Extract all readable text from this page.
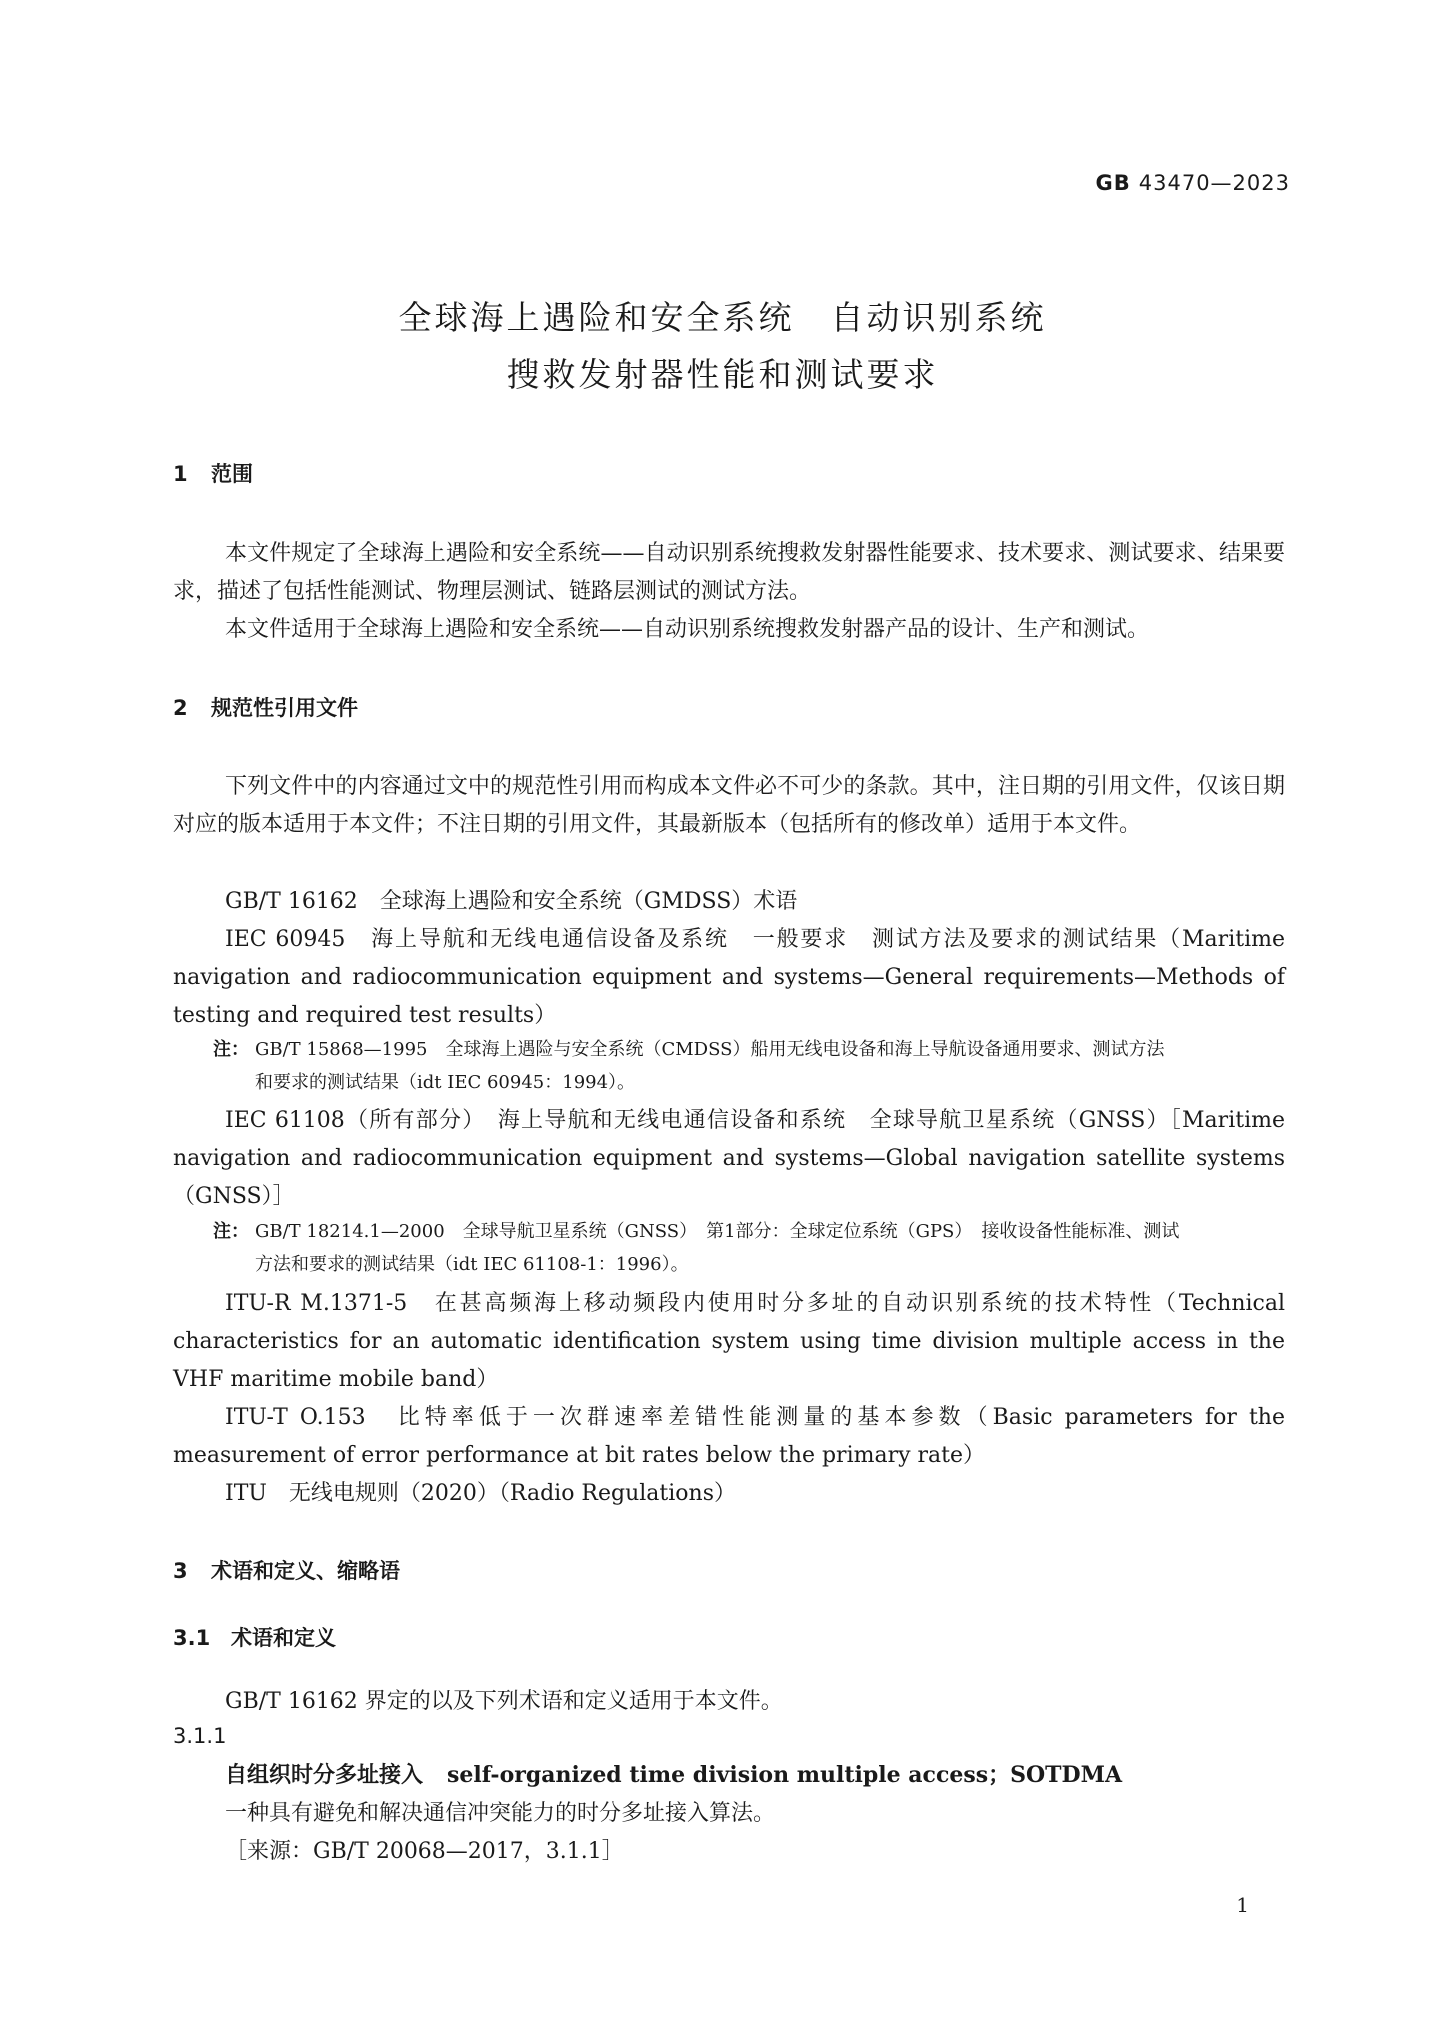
GB 43470—2023
全球海上遇险和安全系统　自动识别系统
搜救发射器性能和测试要求
1 范围
本文件规定了全球海上遇险和安全系统——自动识别系统搜救发射器性能要求、技术要求、测试要求、结果要求，描述了包括性能测试、物理层测试、链路层测试的测试方法。
本文件适用于全球海上遇险和安全系统——自动识别系统搜救发射器产品的设计、生产和测试。
2 规范性引用文件
下列文件中的内容通过文中的规范性引用而构成本文件必不可少的条款。其中，注日期的引用文件，仅该日期对应的版本适用于本文件；不注日期的引用文件，其最新版本（包括所有的修改单）适用于本文件。
GB/T 16162　全球海上遇险和安全系统（GMDSS）术语
IEC 60945　海上导航和无线电通信设备及系统　一般要求　测试方法及要求的测试结果（Maritime navigation and radiocommunication equipment and systems—General requirements—Methods of testing and required test results）
注： GB/T 15868—1995　全球海上遇险与安全系统（CMDSS）船用无线电设备和海上导航设备通用要求、测试方法
和要求的测试结果（idt IEC 60945：1994）。
IEC 61108（所有部分）　海上导航和无线电通信设备和系统　全球导航卫星系统（GNSS）［Maritime navigation and radiocommunication equipment and systems—Global navigation satellite systems（GNSS）］
注： GB/T 18214.1—2000　全球导航卫星系统（GNSS）　第1部分：全球定位系统（GPS）　接收设备性能标准、测试
方法和要求的测试结果（idt IEC 61108-1：1996）。
ITU-R M.1371-5　在甚高频海上移动频段内使用时分多址的自动识别系统的技术特性（Technical characteristics for an automatic identification system using time division multiple access in the VHF maritime mobile band）
ITU-T O.153　比特率低于一次群速率差错性能测量的基本参数（Basic parameters for the measurement of error performance at bit rates below the primary rate）
ITU　无线电规则（2020）（Radio Regulations）
3 术语和定义、缩略语
3.1 术语和定义
GB/T 16162 界定的以及下列术语和定义适用于本文件。
3.1.1
自组织时分多址接入 self-organized time division multiple access；SOTDMA
一种具有避免和解决通信冲突能力的时分多址接入算法。
［来源：GB/T 20068—2017，3.1.1］
1
